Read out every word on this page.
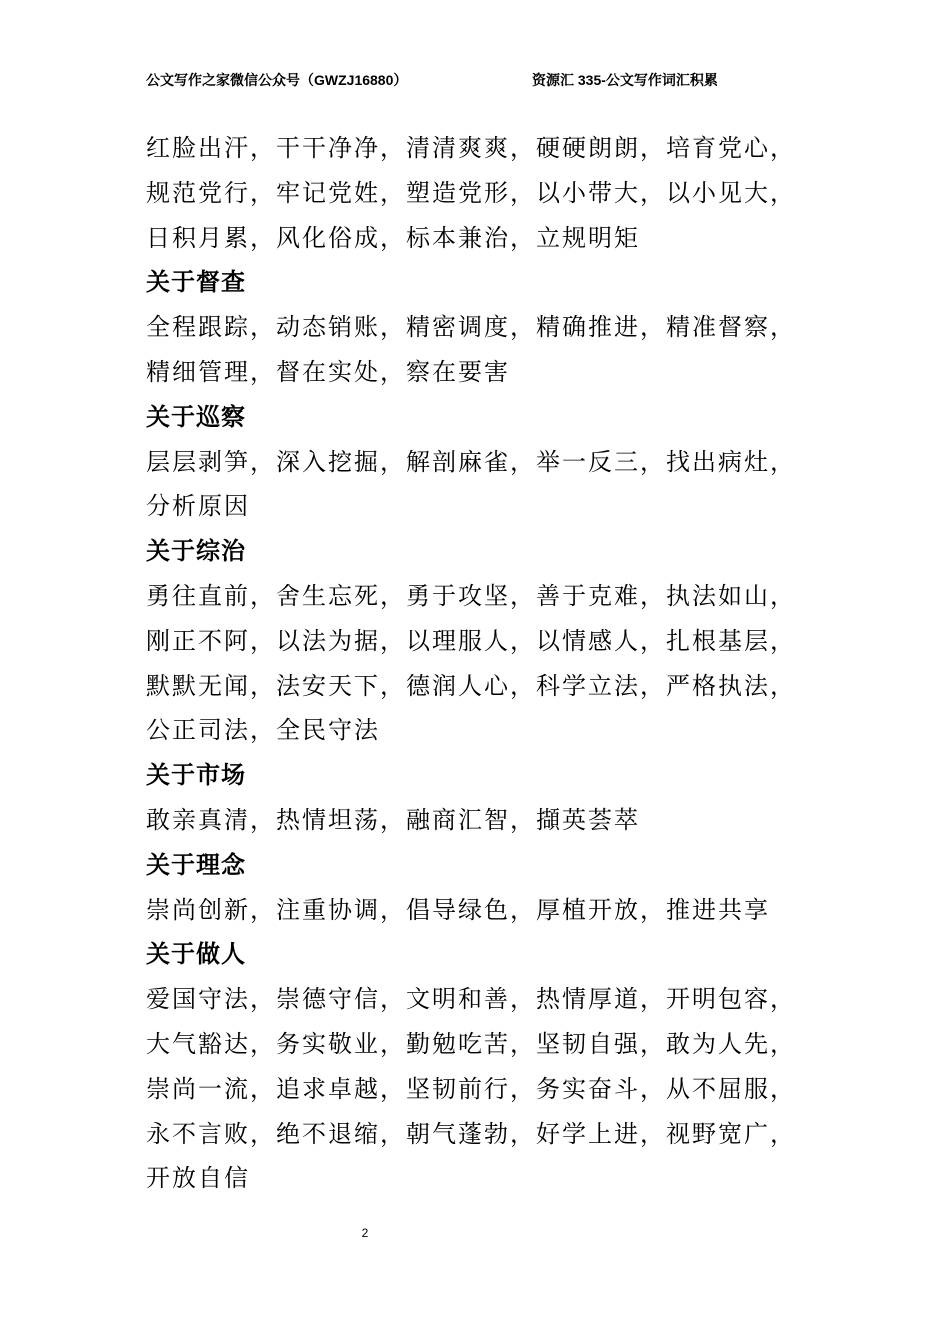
公文写作之家微信公众号（GWZJ16880）	资源汇 335-公文写作词汇积累

红脸出汗，干干净净，清清爽爽，硬硬朗朗，培育党心，

规范党行，牢记党姓，塑造党形，以小带大，以小见大，

日积月累，风化俗成，标本兼治，立规明矩

关于督查

全程跟踪，动态销账，精密调度，精确推进，精准督察，

精细管理，督在实处，察在要害

关于巡察

层层剥笋，深入挖掘，解剖麻雀，举一反三，找出病灶，

分析原因

关于综治

勇往直前，舍生忘死，勇于攻坚，善于克难，执法如山，

刚正不阿，以法为据，以理服人，以情感人，扎根基层，

默默无闻，法安天下，德润人心，科学立法，严格执法，

公正司法，全民守法

关于市场

敢亲真清，热情坦荡，融商汇智，擷英荟萃

关于理念

崇尚创新，注重协调，倡导绿色，厚植开放，推进共享

关于做人

爱国守法，崇德守信，文明和善，热情厚道，开明包容，

大气豁达，务实敬业，勤勉吃苦，坚韧自强，敢为人先，

崇尚一流，追求卓越，坚韧前行，务实奋斗，从不屈服，

永不言败，绝不退缩，朝气蓬勃，好学上进，视野宽广，

开放自信

2
